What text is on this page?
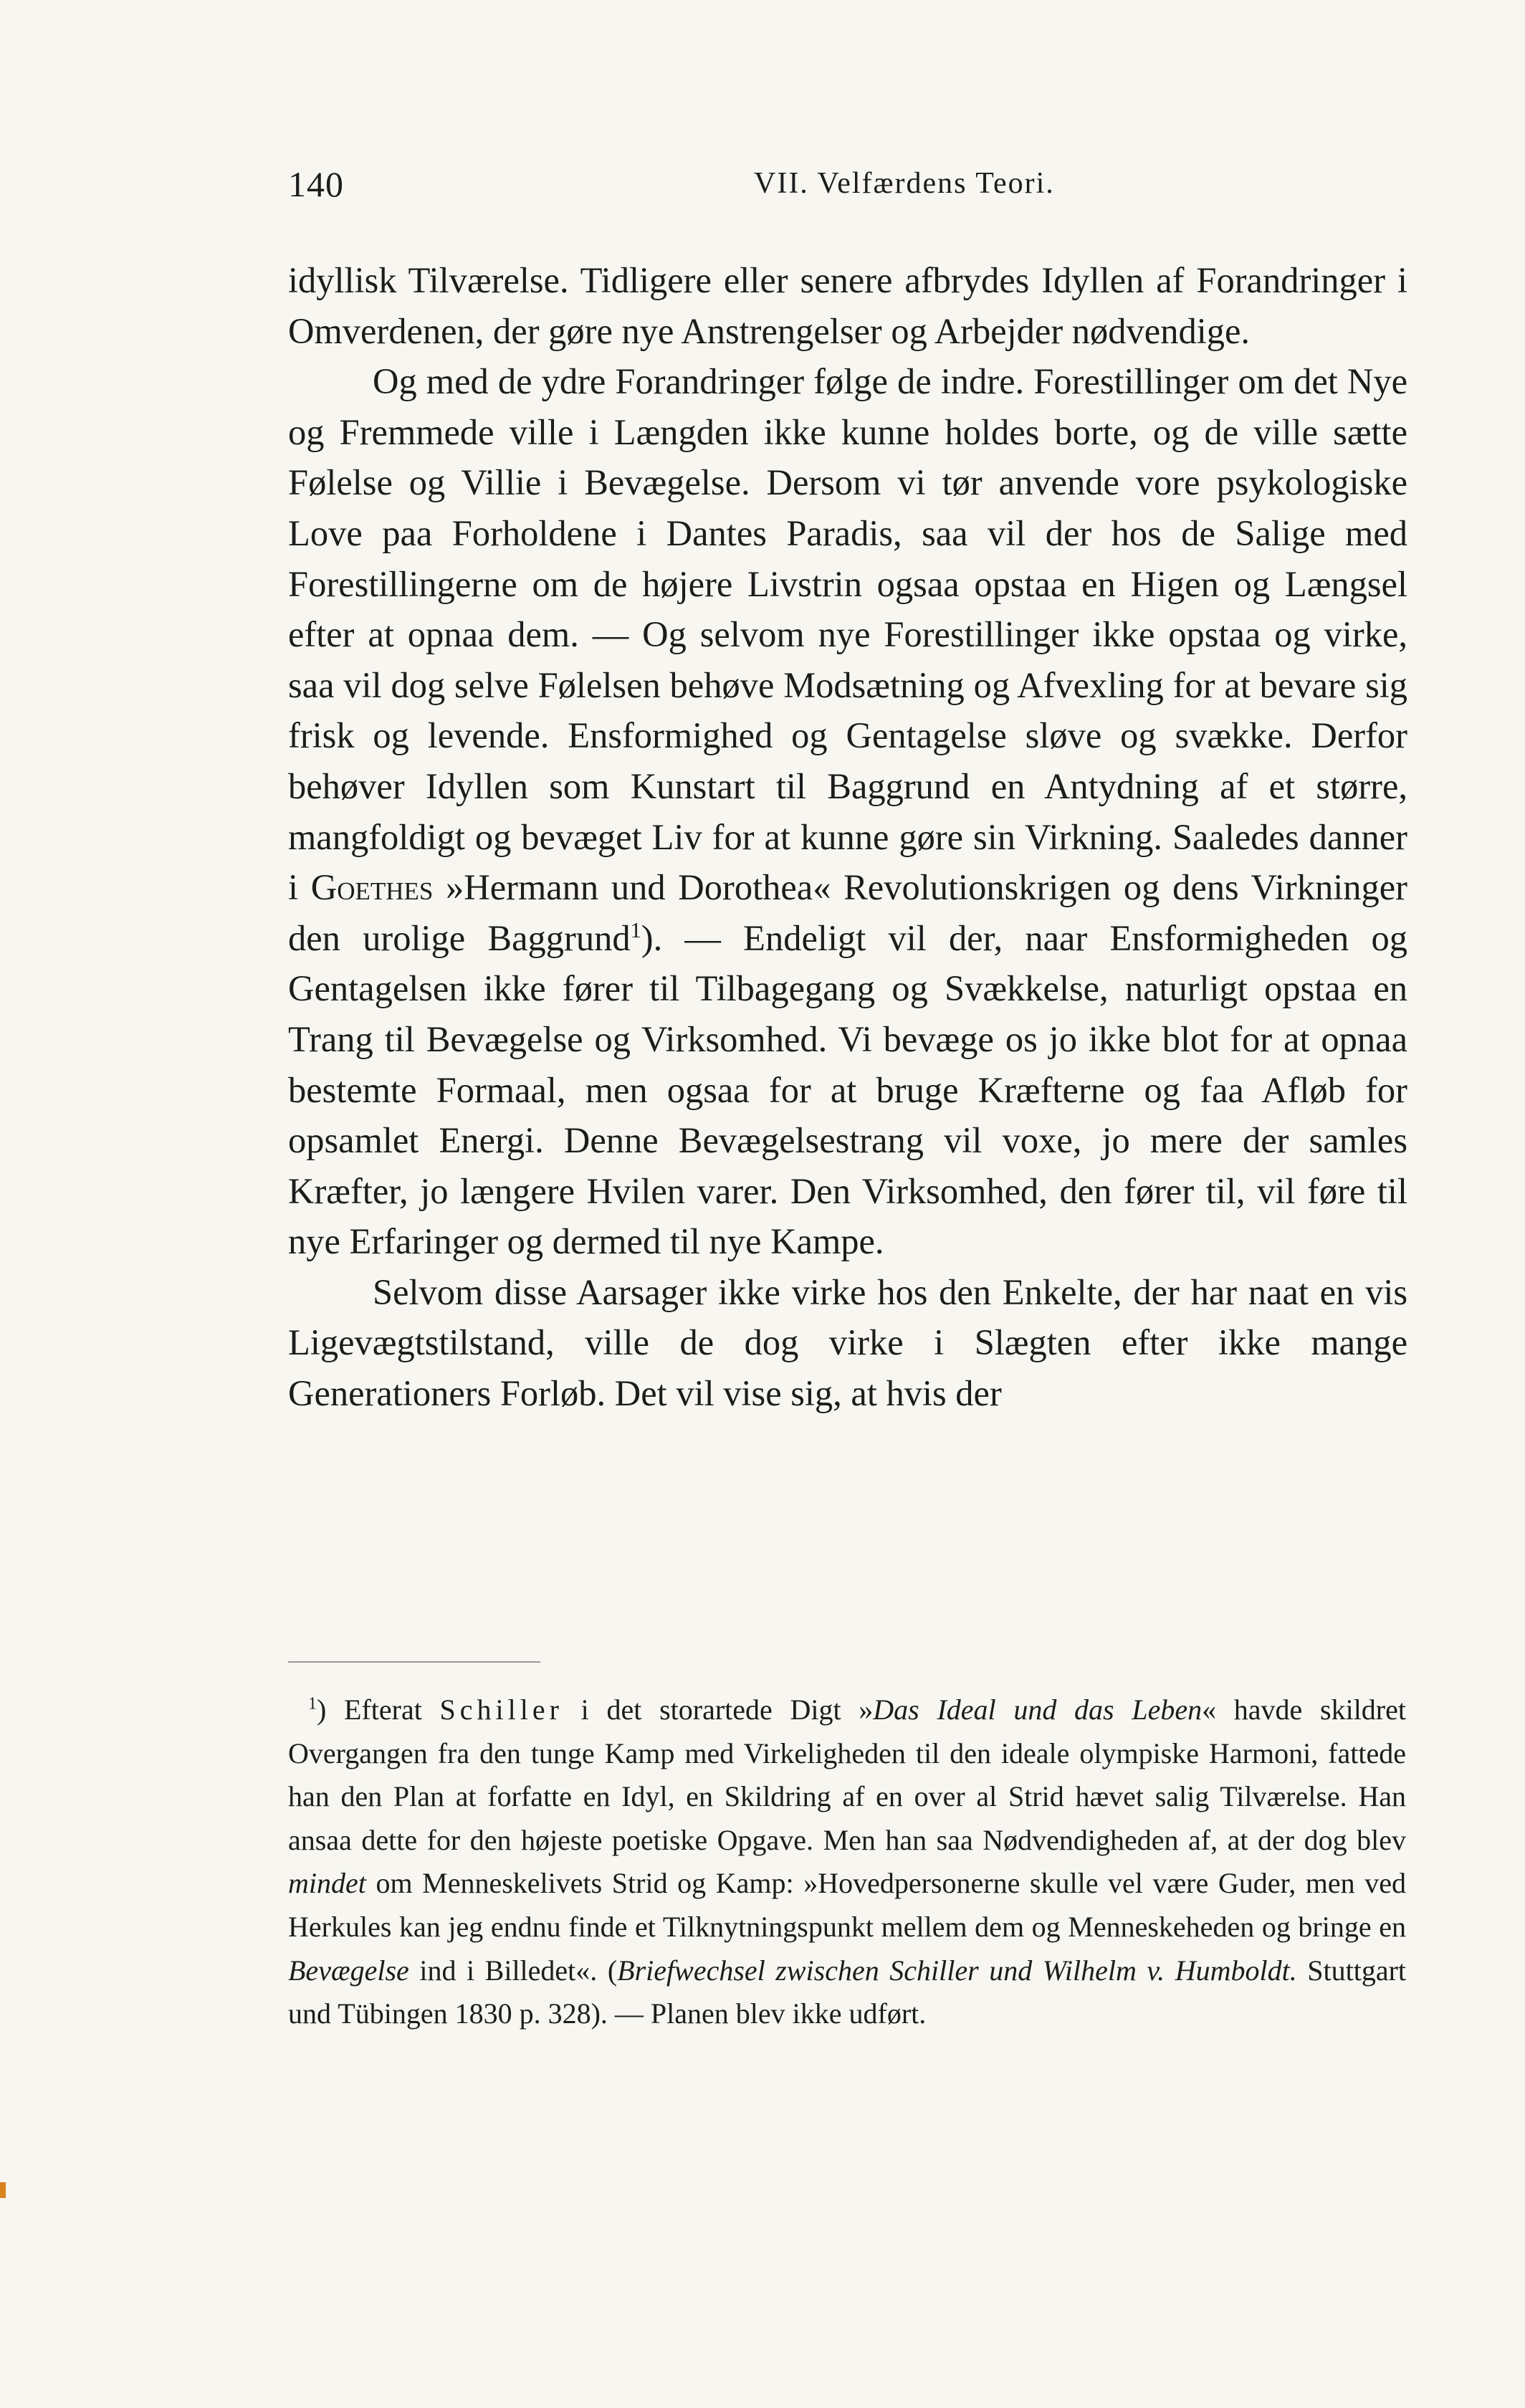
140	VII. Velfærdens Teori.

idyllisk Tilværelse. Tidligere eller senere afbrydes Idyllen af Forandringer i Omverdenen, der gøre nye Anstrengelser og Arbejder nødvendige.

Og med de ydre Forandringer følge de indre. Forestillinger om det Nye og Fremmede ville i Længden ikke kunne holdes borte, og de ville sætte Følelse og Villie i Bevægelse. Dersom vi tør anvende vore psykologiske Love paa Forholdene i Dantes Paradis, saa vil der hos de Salige med Forestillingerne om de højere Livstrin ogsaa opstaa en Higen og Længsel efter at opnaa dem. — Og selvom nye Forestillinger ikke opstaa og virke, saa vil dog selve Følelsen behøve Modsætning og Afvexling for at bevare sig frisk og levende. Ensformighed og Gentagelse sløve og svække. Derfor behøver Idyllen som Kunstart til Baggrund en Antydning af et større, mangfoldigt og bevæget Liv for at kunne gøre sin Virkning. Saaledes danner i Goethes »Hermann und Dorothea« Revolutionskrigen og dens Virkninger den urolige Baggrund$^1$). — Endeligt vil der, naar Ensformigheden og Gentagelsen ikke fører til Tilbagegang og Svækkelse, naturligt opstaa en Trang til Bevægelse og Virksomhed. Vi bevæge os jo ikke blot for at opnaa bestemte Formaal, men ogsaa for at bruge Kræfterne og faa Afløb for opsamlet Energi. Denne Bevægelsestrang vil voxe, jo mere der samles Kræfter, jo længere Hvilen varer. Den Virksomhed, den fører til, vil føre til nye Erfaringer og dermed til nye Kampe.

Selvom disse Aarsager ikke virke hos den Enkelte, der har naat en vis Ligevægtstilstand, ville de dog virke i Slægten efter ikke mange Generationers Forløb. Det vil vise sig, at hvis der

$^1$) Efterat Schiller i det storartede Digt »Das Ideal und das Leben« havde skildret Overgangen fra den tunge Kamp med Virkeligheden til den ideale olympiske Harmoni, fattede han den Plan at forfatte en Idyl, en Skildring af en over al Strid hævet salig Tilværelse. Han ansaa dette for den højeste poetiske Opgave. Men han saa Nødvendigheden af, at der dog blev mindet om Menneskelivets Strid og Kamp: »Hovedpersonerne skulle vel være Guder, men ved Herkules kan jeg endnu finde et Tilknytningspunkt mellem dem og Menneskeheden og bringe en Bevægelse ind i Billedet«. (Briefwechsel zwischen Schiller und Wilhelm v. Humboldt. Stuttgart und Tübingen 1830 p. 328). — Planen blev ikke udført.
